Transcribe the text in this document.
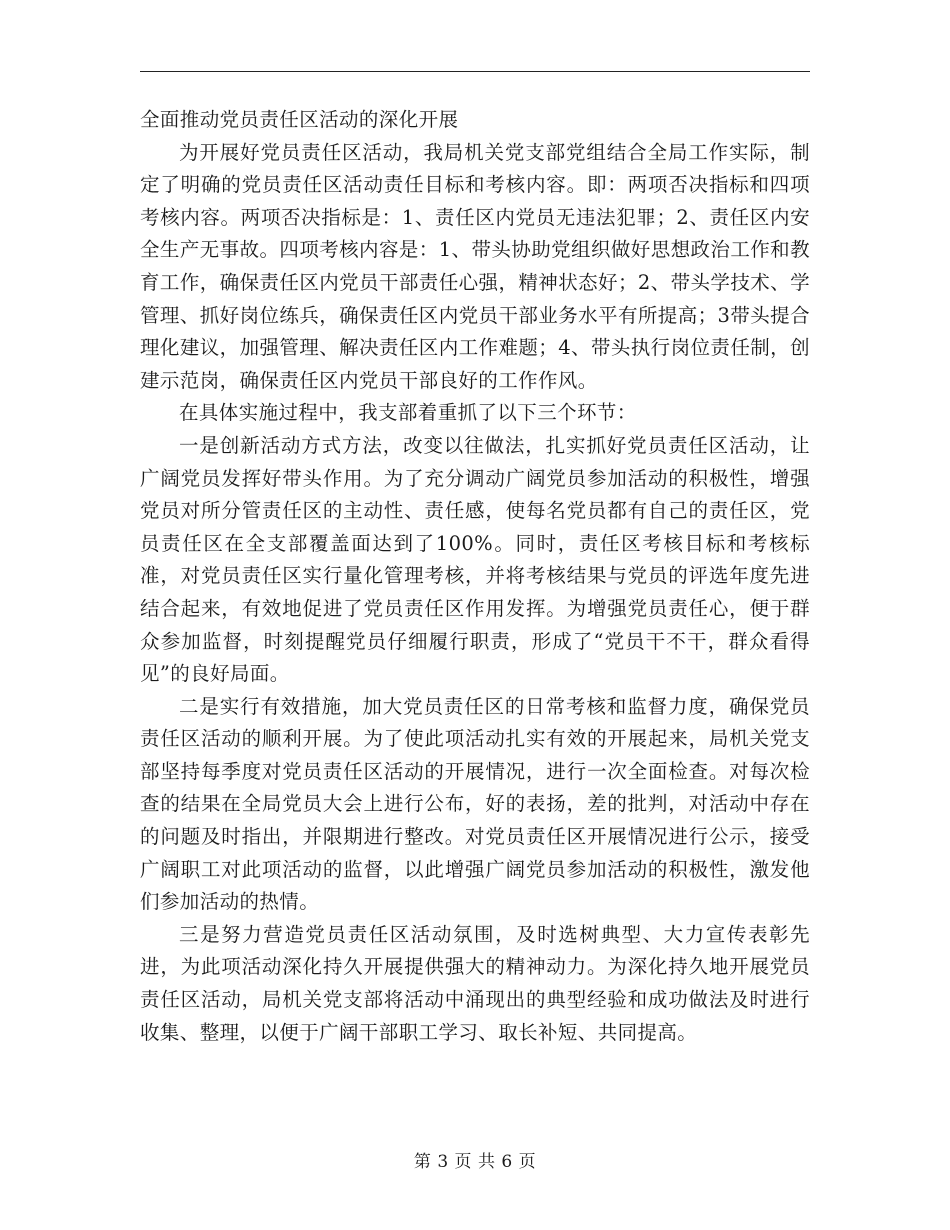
全面推动党员责任区活动的深化开展

为开展好党员责任区活动，我局机关党支部党组结合全局工作实际，制定了明确的党员责任区活动责任目标和考核内容。即：两项否决指标和四项考核内容。两项否决指标是：1、责任区内党员无违法犯罪；2、责任区内安全生产无事故。四项考核内容是：1、带头协助党组织做好思想政治工作和教育工作，确保责任区内党员干部责任心强，精神状态好；2、带头学技术、学管理、抓好岗位练兵，确保责任区内党员干部业务水平有所提高；3带头提合理化建议，加强管理、解决责任区内工作难题；4、带头执行岗位责任制，创建示范岗，确保责任区内党员干部良好的工作作风。

在具体实施过程中，我支部着重抓了以下三个环节：

一是创新活动方式方法，改变以往做法，扎实抓好党员责任区活动，让广阔党员发挥好带头作用。为了充分调动广阔党员参加活动的积极性，增强党员对所分管责任区的主动性、责任感，使每名党员都有自己的责任区，党员责任区在全支部覆盖面达到了100%。同时，责任区考核目标和考核标准，对党员责任区实行量化管理考核，并将考核结果与党员的评选年度先进结合起来，有效地促进了党员责任区作用发挥。为增强党员责任心，便于群众参加监督，时刻提醒党员仔细履行职责，形成了“党员干不干，群众看得见”的良好局面。

二是实行有效措施，加大党员责任区的日常考核和监督力度，确保党员责任区活动的顺利开展。为了使此项活动扎实有效的开展起来，局机关党支部坚持每季度对党员责任区活动的开展情况，进行一次全面检查。对每次检查的结果在全局党员大会上进行公布，好的表扬，差的批判，对活动中存在的问题及时指出，并限期进行整改。对党员责任区开展情况进行公示，接受广阔职工对此项活动的监督，以此增强广阔党员参加活动的积极性，激发他们参加活动的热情。

三是努力营造党员责任区活动氛围，及时选树典型、大力宣传表彰先进，为此项活动深化持久开展提供强大的精神动力。为深化持久地开展党员责任区活动，局机关党支部将活动中涌现出的典型经验和成功做法及时进行收集、整理，以便于广阔干部职工学习、取长补短、共同提高。

第 3 页 共 6 页
